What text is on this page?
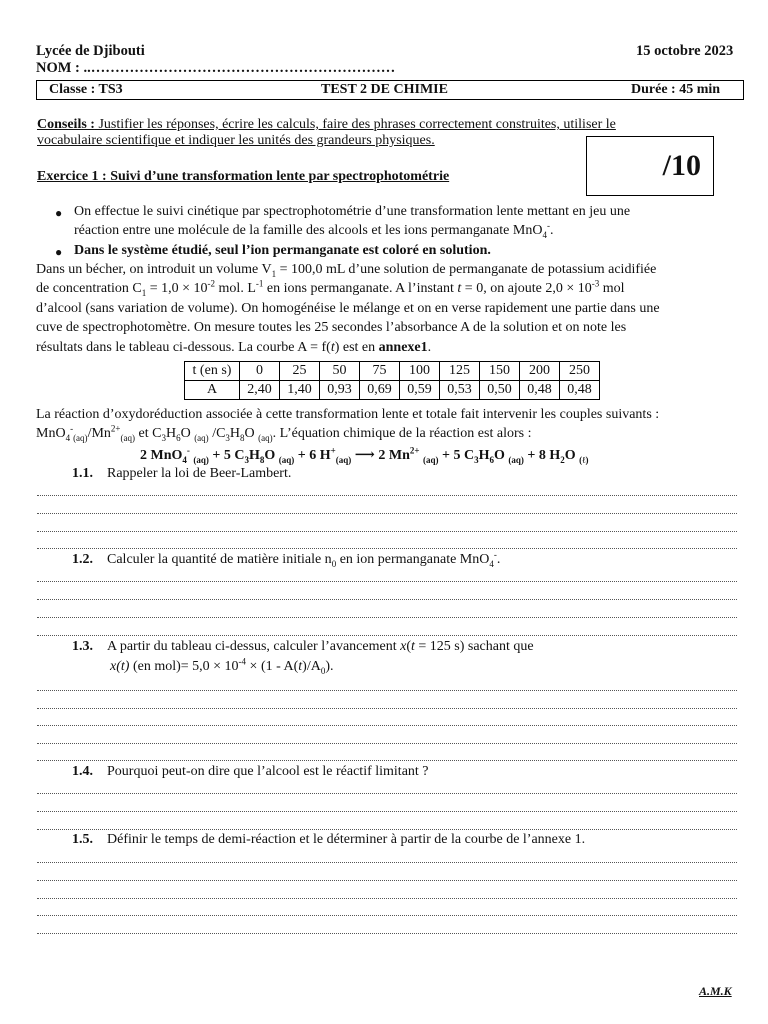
Lycée de Djibouti	15 octobre 2023
NOM : ..………………………………………………………
Classe : TS3	TEST 2 DE CHIMIE	Durée : 45 min
Conseils : Justifier les réponses, écrire les calculs, faire des phrases correctement construites, utiliser le
vocabulaire scientifique et indiquer les unités des grandeurs physiques.
/10
Exercice 1 : Suivi d’une transformation lente par spectrophotométrie
● On effectue le suivi cinétique par spectrophotométrie d’une transformation lente mettant en jeu une
réaction entre une molécule de la famille des alcools et les ions permanganate MnO$_4$-.
● Dans le système étudié, seul l’ion permanganate est coloré en solution.
Dans un bécher, on introduit un volume $V_1 = 100,0$ mL d’une solution de permanganate de potassium acidifiée
de concentration $C_1 = 1,0 \times 10^{-2}$ mol. $L^{-1}$ en ions permanganate. A l’instant t = 0, on ajoute $2,0 \times 10^{-3}$ mol
d’alcool (sans variation de volume). On homogénéise le mélange et on en verse rapidement une partie dans une
cuve de spectrophotomètre. On mesure toutes les 25 secondes l’absorbance A de la solution et on note les
résultats dans le tableau ci-dessous. La courbe A = f(t) est en annexe1.
t (en s)	0	25	50	75	100	125	150	200	250
A	2,40	1,40	0,93	0,69	0,59	0,53	0,50	0,48	0,48
La réaction d’oxydoréduction associée à cette transformation lente et totale fait intervenir les couples suivants :
$MnO_4^-_{(aq)}/Mn^{2+}_{(aq)}$ et $C_3H_6O$ $_{(aq)}$ $/C_3H_8O$ $_{(aq)}$. L’équation chimique de la réaction est alors :
2 MnO$_4$- $_{(aq)}$ + 5 $C_3H_8O$ $_{(aq)}$ + 6 $H^+_{(aq)}$ ⟶ 2 $Mn^{2+}$ $_{(aq)}$ + 5 $C_3H_6O$ $_{(aq)}$ + 8 $H_2O$ $_{(\ell)}$
1.1. Rappeler la loi de Beer-Lambert.
1.2. Calculer la quantité de matière initiale $n_0$ en ion permanganate MnO$_4$-.
1.3. A partir du tableau ci-dessus, calculer l’avancement x(t = 125 s) sachant que
x(t) (en $mol)= 5,0 \times 10^{-4} \times (1 - A(t)/A_0)$.
1.4. Pourquoi peut-on dire que l’alcool est le réactif limitant ?
1.5. Définir le temps de demi-réaction et le déterminer à partir de la courbe de l’annexe 1.
A.M.K
